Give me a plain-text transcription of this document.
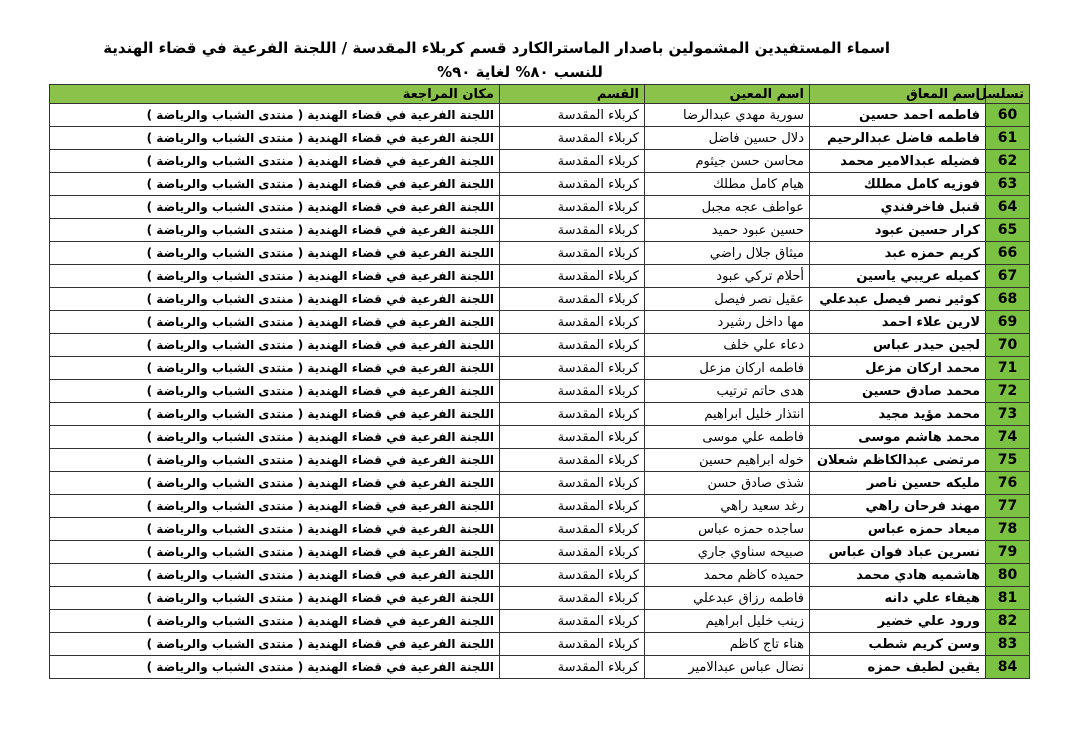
اسماء المستفيدين المشمولين باصدار الماسترالكارد قسم كربلاء المقدسة / اللجنة الفرعية في قضاء الهندية
للنسب ٨٠% لغاية ٩٠%
تسلسل	اسم المعاق	اسم المعين	القسم	مكان المراجعة
60	فاطمه احمد حسين	سورية مهدي عبدالرضا	كربلاء المقدسة	اللجنة الفرعية في قضاء الهندية ( منتدى الشباب والرياضة )
61	فاطمه فاضل عبدالرحيم	دلال حسين فاضل	كربلاء المقدسة	اللجنة الفرعية في قضاء الهندية ( منتدى الشباب والرياضة )
62	فضيله عبدالامير محمد	محاسن حسن جيثوم	كربلاء المقدسة	اللجنة الفرعية في قضاء الهندية ( منتدى الشباب والرياضة )
63	فوزيه كامل مطلك	هيام كامل مطلك	كربلاء المقدسة	اللجنة الفرعية في قضاء الهندية ( منتدى الشباب والرياضة )
64	قنبل فاخرفندي	عواطف عجه مجبل	كربلاء المقدسة	اللجنة الفرعية في قضاء الهندية ( منتدى الشباب والرياضة )
65	كرار حسين عبود	حسين عبود حميد	كربلاء المقدسة	اللجنة الفرعية في قضاء الهندية ( منتدى الشباب والرياضة )
66	كريم حمزه عبد	ميثاق جلال راضي	كربلاء المقدسة	اللجنة الفرعية في قضاء الهندية ( منتدى الشباب والرياضة )
67	كميله عريبي ياسين	أحلام تركي عبود	كربلاء المقدسة	اللجنة الفرعية في قضاء الهندية ( منتدى الشباب والرياضة )
68	كوثير نصر فيصل عبدعلي	عقيل نصر فيصل	كربلاء المقدسة	اللجنة الفرعية في قضاء الهندية ( منتدى الشباب والرياضة )
69	لارين علاء احمد	مها داخل رشيرد	كربلاء المقدسة	اللجنة الفرعية في قضاء الهندية ( منتدى الشباب والرياضة )
70	لجين حيدر عباس	دعاء علي خلف	كربلاء المقدسة	اللجنة الفرعية في قضاء الهندية ( منتدى الشباب والرياضة )
71	محمد اركان مزعل	فاطمه اركان مزعل	كربلاء المقدسة	اللجنة الفرعية في قضاء الهندية ( منتدى الشباب والرياضة )
72	محمد صادق حسين	هدى حاتم ترتيب	كربلاء المقدسة	اللجنة الفرعية في قضاء الهندية ( منتدى الشباب والرياضة )
73	محمد مؤيد مجيد	انتذار خليل ابراهيم	كربلاء المقدسة	اللجنة الفرعية في قضاء الهندية ( منتدى الشباب والرياضة )
74	محمد هاشم موسى	فاطمه علي موسى	كربلاء المقدسة	اللجنة الفرعية في قضاء الهندية ( منتدى الشباب والرياضة )
75	مرتضى عبدالكاظم شعلان	خوله ابراهيم حسين	كربلاء المقدسة	اللجنة الفرعية في قضاء الهندية ( منتدى الشباب والرياضة )
76	مليكه حسين ناصر	شذى صادق حسن	كربلاء المقدسة	اللجنة الفرعية في قضاء الهندية ( منتدى الشباب والرياضة )
77	مهند فرحان راهي	رغد سعيد راهي	كربلاء المقدسة	اللجنة الفرعية في قضاء الهندية ( منتدى الشباب والرياضة )
78	ميعاد حمزه عباس	ساجده حمزه عباس	كربلاء المقدسة	اللجنة الفرعية في قضاء الهندية ( منتدى الشباب والرياضة )
79	نسرين عباد فوان عباس	صبيحه سناوي جاري	كربلاء المقدسة	اللجنة الفرعية في قضاء الهندية ( منتدى الشباب والرياضة )
80	هاشميه هادي محمد	حميده كاظم محمد	كربلاء المقدسة	اللجنة الفرعية في قضاء الهندية ( منتدى الشباب والرياضة )
81	هيفاء علي دانه	فاطمه رزاق عبدعلي	كربلاء المقدسة	اللجنة الفرعية في قضاء الهندية ( منتدى الشباب والرياضة )
82	ورود علي خضير	زينب خليل ابراهيم	كربلاء المقدسة	اللجنة الفرعية في قضاء الهندية ( منتدى الشباب والرياضة )
83	وسن كريم شطب	هناء تاج كاظم	كربلاء المقدسة	اللجنة الفرعية في قضاء الهندية ( منتدى الشباب والرياضة )
84	يقين لطيف حمزه	نضال عباس عبدالامير	كربلاء المقدسة	اللجنة الفرعية في قضاء الهندية ( منتدى الشباب والرياضة )
